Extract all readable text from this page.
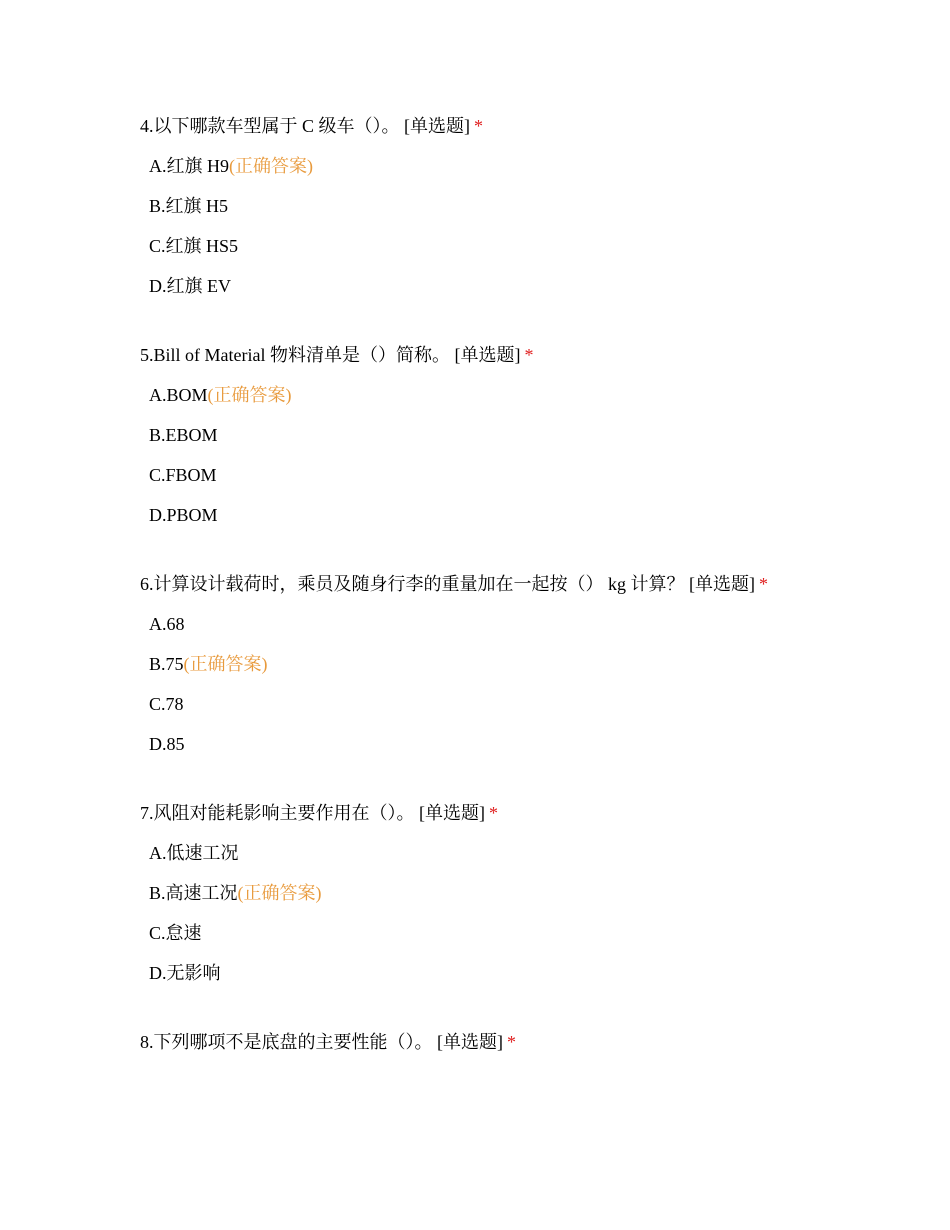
4.以下哪款车型属于 C 级车（）。 [单选题] *
A.红旗 H9(正确答案)
B.红旗 H5
C.红旗 HS5
D.红旗 EV
5.Bill of Material 物料清单是（）简称。 [单选题] *
A.BOM(正确答案)
B.EBOM
C.FBOM
D.PBOM
6.计算设计载荷时，乘员及随身行李的重量加在一起按（） kg 计算？ [单选题] *
A.68
B.75(正确答案)
C.78
D.85
7.风阻对能耗影响主要作用在（）。 [单选题] *
A.低速工况
B.高速工况(正确答案)
C.怠速
D.无影响
8.下列哪项不是底盘的主要性能（）。 [单选题] *
